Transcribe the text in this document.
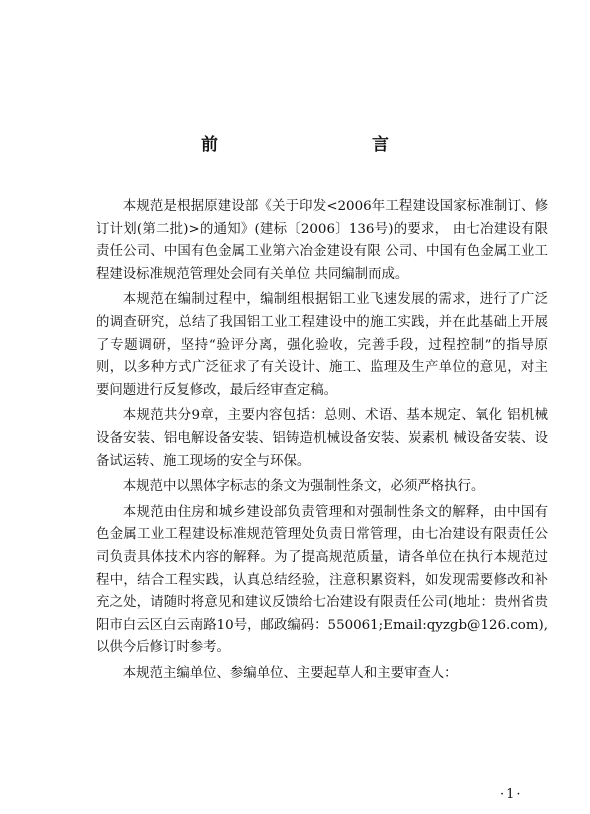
前　　言

本规范是根据原建设部《关于印发<2006年工程建设国家标准制订、修订计划(第二批)>的通知》(建标〔2006〕136号)的要求， 由七冶建设有限责任公司、中国有色金属工业第六冶金建设有限 公司、中国有色金属工业工程建设标准规范管理处会同有关单位 共同编制而成。

本规范在编制过程中，编制组根据铝工业飞速发展的需求，进行了广泛的调查研究，总结了我国铝工业工程建设中的施工实践，并在此基础上开展了专题调研，坚持“验评分离，强化验收，完善手段，过程控制”的指导原则，以多种方式广泛征求了有关设计、施工、监理及生产单位的意见，对主要问题进行反复修改，最后经审查定稿。

本规范共分9章，主要内容包括：总则、术语、基本规定、氧化 铝机械设备安装、铝电解设备安装、铝铸造机械设备安装、炭素机 械设备安装、设备试运转、施工现场的安全与环保。

本规范中以黑体字标志的条文为强制性条文，必须严格执行。

本规范由住房和城乡建设部负责管理和对强制性条文的解释，由中国有色金属工业工程建设标准规范管理处负责日常管理，由七冶建设有限责任公司负责具体技术内容的解释。为了提高规范质量，请各单位在执行本规范过程中，结合工程实践，认真总结经验，注意积累资料，如发现需要修改和补充之处，请随时将意见和建议反馈给七冶建设有限责任公司(地址：贵州省贵阳市白云区白云南路10号，邮政编码：550061;Email:qyzgb@126.com), 以供今后修订时参考。

本规范主编单位、参编单位、主要起草人和主要审查人：

·1·
